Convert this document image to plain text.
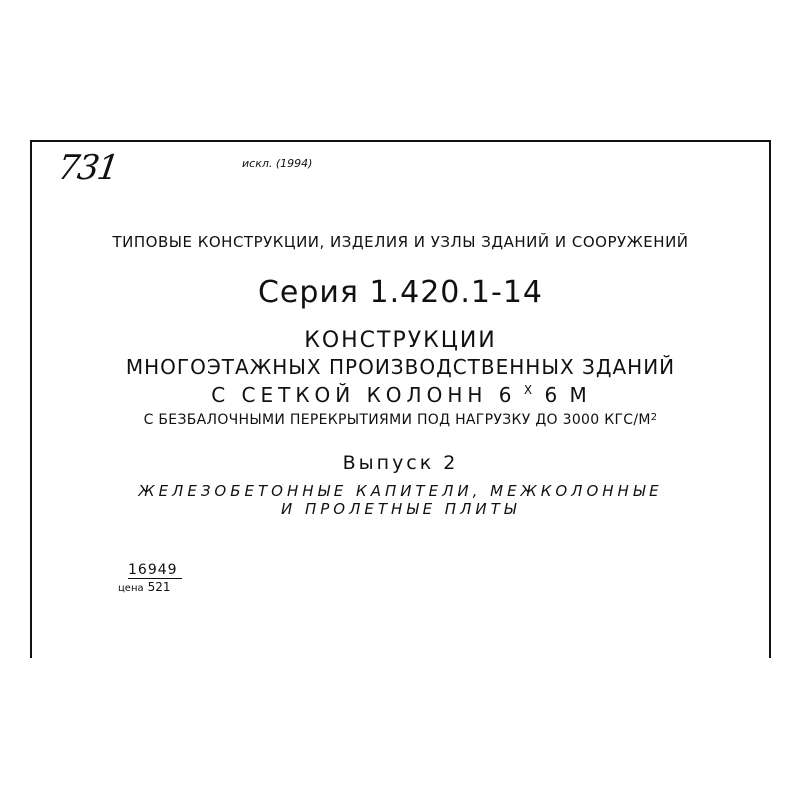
731	искл. (1994)
ТИПОВЫЕ КОНСТРУКЦИИ, ИЗДЕЛИЯ И УЗЛЫ ЗДАНИЙ И СООРУЖЕНИЙ
Серия 1.420.1-14
КОНСТРУКЦИИ
МНОГОЭТАЖНЫХ ПРОИЗВОДСТВЕННЫХ ЗДАНИЙ
С СЕТКОЙ КОЛОНН 6 $^X$ 6 М
С БЕЗБАЛОЧНЫМИ ПЕРЕКРЫТИЯМИ ПОД НАГРУЗКУ ДО 3000 КГС/$М^2$
Выпуск 2
ЖЕЛЕЗОБЕТОННЫЕ КАПИТЕЛИ, МЕЖКОЛОННЫЕ
И ПРОЛЕТНЫЕ ПЛИТЫ
16949
цена 521
